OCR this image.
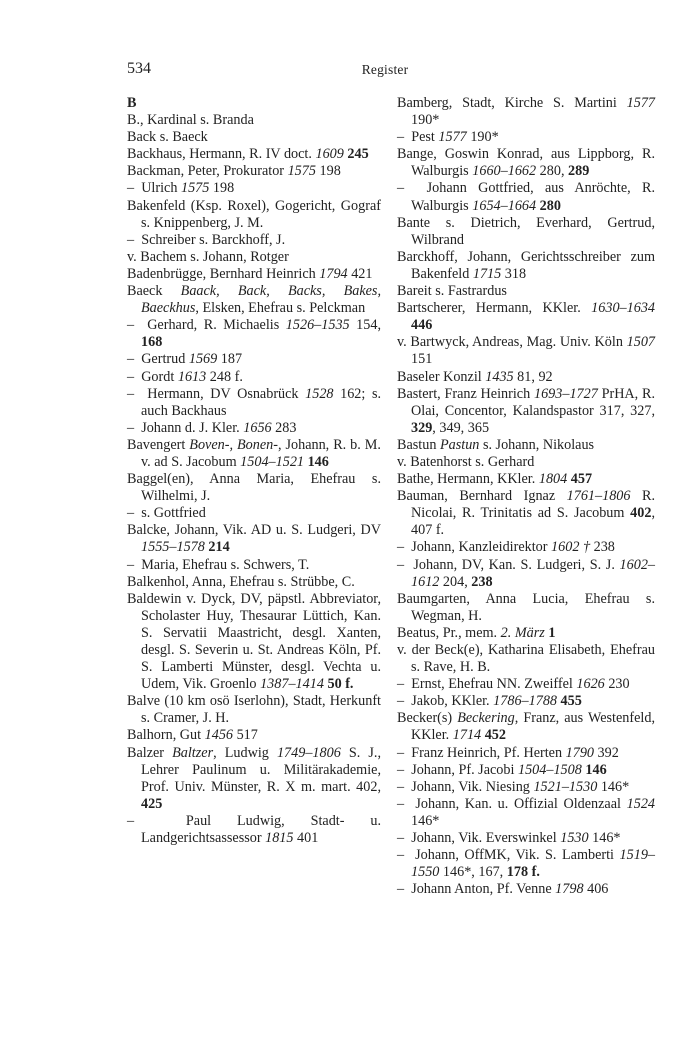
534	Register

B

B., Kardinal s. Branda

Back s. Baeck

Backhaus, Hermann, R. IV doct. 1609 245

Backman, Peter, Prokurator 1575 198

–  Ulrich 1575 198

Bakenfeld (Ksp. Roxel), Gogericht, Gograf s. Knippenberg, J. M.

–  Schreiber s. Barckhoff, J.

v. Bachem s. Johann, Rotger

Badenbrügge, Bernhard Heinrich 1794 421

Baeck Baack, Back, Backs, Bakes, Baeckhus, Elsken, Ehefrau s. Pelckman

–  Gerhard, R. Michaelis 1526–1535 154, 168

–  Gertrud 1569 187

–  Gordt 1613 248 f.

–  Hermann, DV Osnabrück 1528 162; s. auch Backhaus

–  Johann d. J. Kler. 1656 283

Bavengert Boven-, Bonen-, Johann, R. b. M. v. ad S. Jacobum 1504–1521 146

Baggel(en), Anna Maria, Ehefrau s. Wilhelmi, J.

–  s. Gottfried

Balcke, Johann, Vik. AD u. S. Ludgeri, DV 1555–1578 214

–  Maria, Ehefrau s. Schwers, T.

Balkenhol, Anna, Ehefrau s. Strübbe, C.

Baldewin v. Dyck, DV, päpstl. Abbreviator, Scholaster Huy, Thesaurar Lüttich, Kan. S. Servatii Maastricht, desgl. Xanten, desgl. S. Severin u. St. Andreas Köln, Pf. S. Lamberti Münster, desgl. Vechta u. Udem, Vik. Groenlo 1387–1414 50 f.

Balve (10 km osö Iserlohn), Stadt, Herkunft s. Cramer, J. H.

Balhorn, Gut 1456 517

Balzer Baltzer, Ludwig 1749–1806 S. J., Lehrer Paulinum u. Militärakademie, Prof. Univ. Münster, R. X m. mart. 402, 425

–  Paul Ludwig, Stadt- u. Landgerichtsassessor 1815 401

Bamberg, Stadt, Kirche S. Martini 1577 190*

–  Pest 1577 190*

Bange, Goswin Konrad, aus Lippborg, R. Walburgis 1660–1662 280, 289

–  Johann Gottfried, aus Anröchte, R. Walburgis 1654–1664 280

Bante s. Dietrich, Everhard, Gertrud, Wilbrand

Barckhoff, Johann, Gerichtsschreiber zum Bakenfeld 1715 318

Bareit s. Fastrardus

Bartscherer, Hermann, KKler. 1630–1634 446

v. Bartwyck, Andreas, Mag. Univ. Köln 1507 151

Baseler Konzil 1435 81, 92

Bastert, Franz Heinrich 1693–1727 PrHA, R. Olai, Concentor, Kalandspastor 317, 327, 329, 349, 365

Bastun Pastun s. Johann, Nikolaus

v. Batenhorst s. Gerhard

Bathe, Hermann, KKler. 1804 457

Bauman, Bernhard Ignaz 1761–1806 R. Nicolai, R. Trinitatis ad S. Jacobum 402, 407 f.

–  Johann, Kanzleidirektor 1602 † 238

–  Johann, DV, Kan. S. Ludgeri, S. J. 1602–1612 204, 238

Baumgarten, Anna Lucia, Ehefrau s. Wegman, H.

Beatus, Pr., mem. 2. März 1

v. der Beck(e), Katharina Elisabeth, Ehefrau s. Rave, H. B.

–  Ernst, Ehefrau NN. Zweiffel 1626 230

–  Jakob, KKler. 1786–1788 455

Becker(s) Beckering, Franz, aus Westenfeld, KKler. 1714 452

–  Franz Heinrich, Pf. Herten 1790 392

–  Johann, Pf. Jacobi 1504–1508 146

–  Johann, Vik. Niesing 1521–1530 146*

–  Johann, Kan. u. Offizial Oldenzaal 1524 146*

–  Johann, Vik. Everswinkel 1530 146*

–  Johann, OffMK, Vik. S. Lamberti 1519–1550 146*, 167, 178 f.

–  Johann Anton, Pf. Venne 1798 406
